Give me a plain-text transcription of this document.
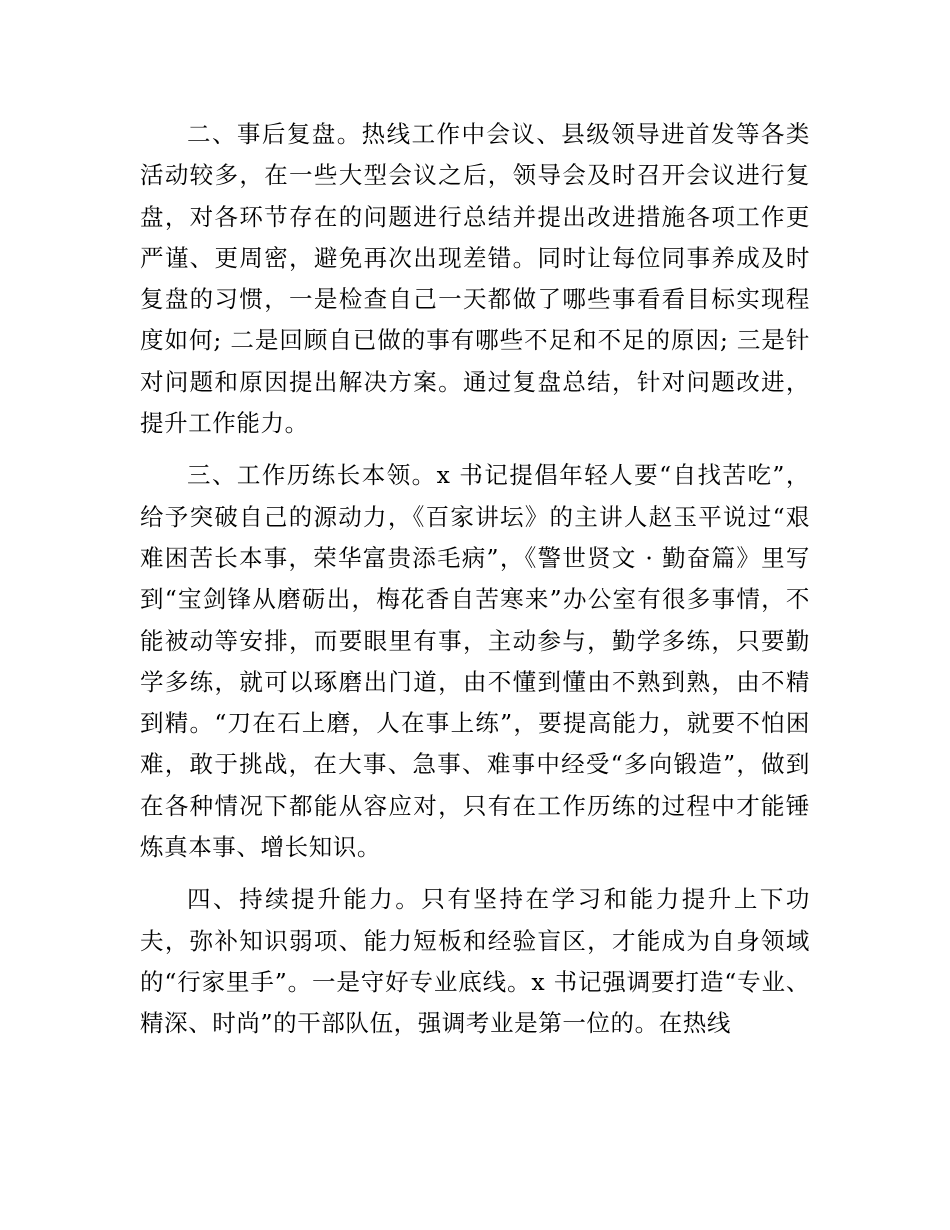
二、事后复盘。热线工作中会议、县级领导进首发等各类活动较多，在一些大型会议之后，领导会及时召开会议进行复盘，对各环节存在的问题进行总结并提出改进措施各项工作更严谨、更周密，避免再次出现差错。同时让每位同事养成及时复盘的习惯，一是检查自己一天都做了哪些事看看目标实现程度如何; 二是回顾自已做的事有哪些不足和不足的原因; 三是针对问题和原因提出解决方案。通过复盘总结，针对问题改进，提升工作能力。

三、工作历练长本领。x 书记提倡年轻人要“自找苦吃”，给予突破自己的源动力，《百家讲坛》的主讲人赵玉平说过“艰难困苦长本事，荣华富贵添毛病”，《警世贤文 · 勤奋篇》里写到“宝剑锋从磨砺出，梅花香自苦寒来”办公室有很多事情，不能被动等安排，而要眼里有事，主动参与，勤学多练，只要勤学多练，就可以琢磨出门道，由不懂到懂由不熟到熟，由不精到精。“刀在石上磨，人在事上练”，要提高能力，就要不怕困难，敢于挑战，在大事、急事、难事中经受“多向锻造”，做到在各种情况下都能从容应对，只有在工作历练的过程中才能锤炼真本事、增长知识。

四、持续提升能力。只有坚持在学习和能力提升上下功夫，弥补知识弱项、能力短板和经验盲区，才能成为自身领域的“行家里手”。一是守好专业底线。x 书记强调要打造“专业、精深、时尚”的干部队伍，强调考业是第一位的。在热线
